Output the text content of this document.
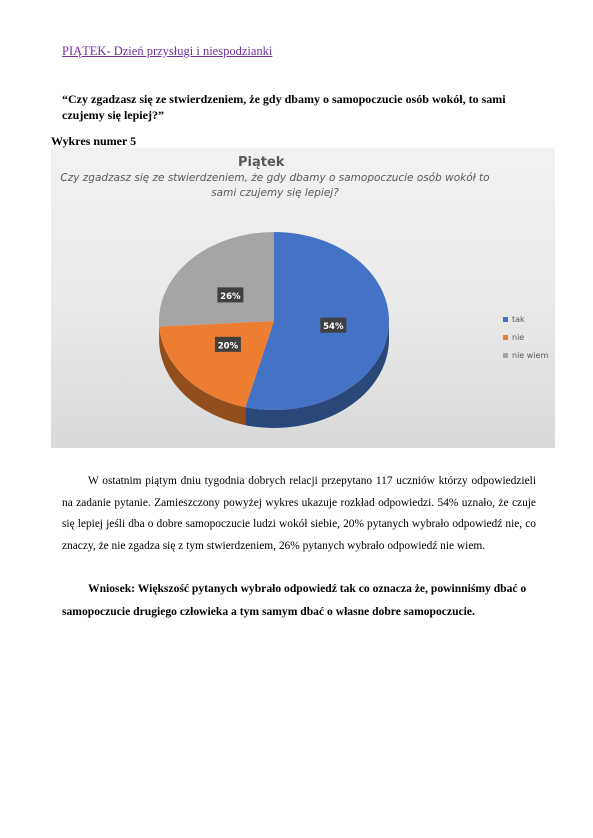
PIĄTEK- Dzień przysługi i niespodzianki
“Czy zgadzasz się ze stwierdzeniem, że gdy dbamy o samopoczucie osób wokół, to sami czujemy się lepiej?”
Wykres numer 5
Piątek
Czy zgadzasz się ze stwierdzeniem, że gdy dbamy o samopoczucie osób wokół to sami czujemy się lepiej?
54%
20%
26%
tak
nie
nie wiem

W ostatnim piątym dniu tygodnia dobrych relacji przepytano 117 uczniów którzy odpowiedzieli na zadanie pytanie. Zamieszczony powyżej wykres ukazuje rozkład odpowiedzi. 54% uznało, że czuje się lepiej jeśli dba o dobre samopoczucie ludzi wokół siebie, 20% pytanych wybrało odpowiedź nie, co znaczy, że nie zgadza się z tym stwierdzeniem, 26% pytanych wybrało odpowiedź nie wiem.

Wniosek: Większość pytanych wybrało odpowiedź tak co oznacza że, powinniśmy dbać o samopoczucie drugiego człowieka a tym samym dbać o własne dobre samopoczucie.
